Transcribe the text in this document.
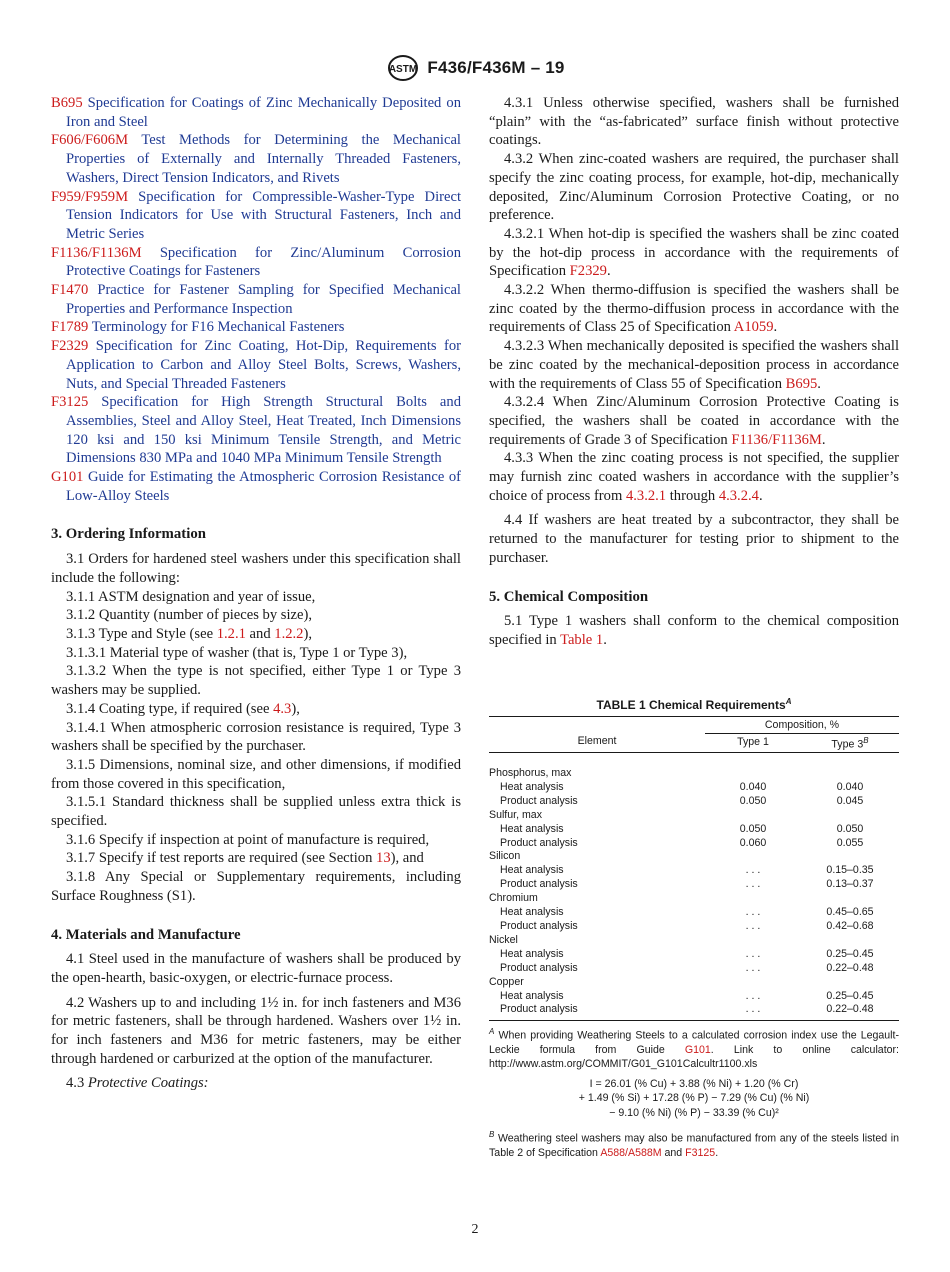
ASTM F436/F436M – 19

B695 Specification for Coatings of Zinc Mechanically Deposited on Iron and Steel

F606/F606M Test Methods for Determining the Mechanical Properties of Externally and Internally Threaded Fasteners, Washers, Direct Tension Indicators, and Rivets

F959/F959M Specification for Compressible-Washer-Type Direct Tension Indicators for Use with Structural Fasteners, Inch and Metric Series

F1136/F1136M Specification for Zinc/Aluminum Corrosion Protective Coatings for Fasteners

F1470 Practice for Fastener Sampling for Specified Mechanical Properties and Performance Inspection

F1789 Terminology for F16 Mechanical Fasteners

F2329 Specification for Zinc Coating, Hot-Dip, Requirements for Application to Carbon and Alloy Steel Bolts, Screws, Washers, Nuts, and Special Threaded Fasteners

F3125 Specification for High Strength Structural Bolts and Assemblies, Steel and Alloy Steel, Heat Treated, Inch Dimensions 120 ksi and 150 ksi Minimum Tensile Strength, and Metric Dimensions 830 MPa and 1040 MPa Minimum Tensile Strength

G101 Guide for Estimating the Atmospheric Corrosion Resistance of Low-Alloy Steels

3. Ordering Information

3.1 Orders for hardened steel washers under this specification shall include the following:

3.1.1 ASTM designation and year of issue,

3.1.2 Quantity (number of pieces by size),

3.1.3 Type and Style (see 1.2.1 and 1.2.2),

3.1.3.1 Material type of washer (that is, Type 1 or Type 3),

3.1.3.2 When the type is not specified, either Type 1 or Type 3 washers may be supplied.

3.1.4 Coating type, if required (see 4.3),

3.1.4.1 When atmospheric corrosion resistance is required, Type 3 washers shall be specified by the purchaser.

3.1.5 Dimensions, nominal size, and other dimensions, if modified from those covered in this specification,

3.1.5.1 Standard thickness shall be supplied unless extra thick is specified.

3.1.6 Specify if inspection at point of manufacture is required,

3.1.7 Specify if test reports are required (see Section 13), and

3.1.8 Any Special or Supplementary requirements, including Surface Roughness (S1).

4. Materials and Manufacture

4.1 Steel used in the manufacture of washers shall be produced by the open-hearth, basic-oxygen, or electric-furnace process.

4.2 Washers up to and including 1½ in. for inch fasteners and M36 for metric fasteners, shall be through hardened. Washers over 1½ in. for inch fasteners and M36 for metric fasteners, may be either through hardened or carburized at the option of the manufacturer.

4.3 Protective Coatings:

4.3.1 Unless otherwise specified, washers shall be furnished “plain” with the “as-fabricated” surface finish without protective coatings.

4.3.2 When zinc-coated washers are required, the purchaser shall specify the zinc coating process, for example, hot-dip, mechanically deposited, Zinc/Aluminum Corrosion Protective Coating, or no preference.

4.3.2.1 When hot-dip is specified the washers shall be zinc coated by the hot-dip process in accordance with the requirements of Specification F2329.

4.3.2.2 When thermo-diffusion is specified the washers shall be zinc coated by the thermo-diffusion process in accordance with the requirements of Class 25 of Specification A1059.

4.3.2.3 When mechanically deposited is specified the washers shall be zinc coated by the mechanical-deposition process in accordance with the requirements of Class 55 of Specification B695.

4.3.2.4 When Zinc/Aluminum Corrosion Protective Coating is specified, the washers shall be coated in accordance with the requirements of Grade 3 of Specification F1136/F1136M.

4.3.3 When the zinc coating process is not specified, the supplier may furnish zinc coated washers in accordance with the supplier’s choice of process from 4.3.2.1 through 4.3.2.4.

4.4 If washers are heat treated by a subcontractor, they shall be returned to the manufacturer for testing prior to shipment to the purchaser.

5. Chemical Composition

5.1 Type 1 washers shall conform to the chemical composition specified in Table 1.

TABLE 1 Chemical Requirements$^A$
	Composition, %	
Element	Type 1	Type $3^B$

Phosphorus, max		
Heat analysis	0.040	0.040
Product analysis	0.050	0.045
Sulfur, max		
Heat analysis	0.050	0.050
Product analysis	0.060	0.055
Silicon		
Heat analysis	. . .	0.15–0.35
Product analysis	. . .	0.13–0.37
Chromium		
Heat analysis	. . .	0.45–0.65
Product analysis	. . .	0.42–0.68
Nickel		
Heat analysis	. . .	0.25–0.45
Product analysis	. . .	0.22–0.48
Copper		
Heat analysis	. . .	0.25–0.45
Product analysis	. . .	0.22–0.48
$^A$ When providing Weathering Steels to a calculated corrosion index use the Legault-Leckie formula from Guide G101. Link to online calculator: http://www.astm.org/COMMIT/G01_G101Calcultr1100.xls
I = 26.01 (% Cu) + 3.88 (% Ni) + 1.20 (% Cr)
+ 1.49 (% Si) + 17.28 (% P) − 7.29 (% Cu) (% Ni)
− 9.10 (% Ni) (% P) − 33.39 (% Cu)²
$^B$ Weathering steel washers may also be manufactured from any of the steels listed in Table 2 of Specification A588/A588M and F3125.
2
